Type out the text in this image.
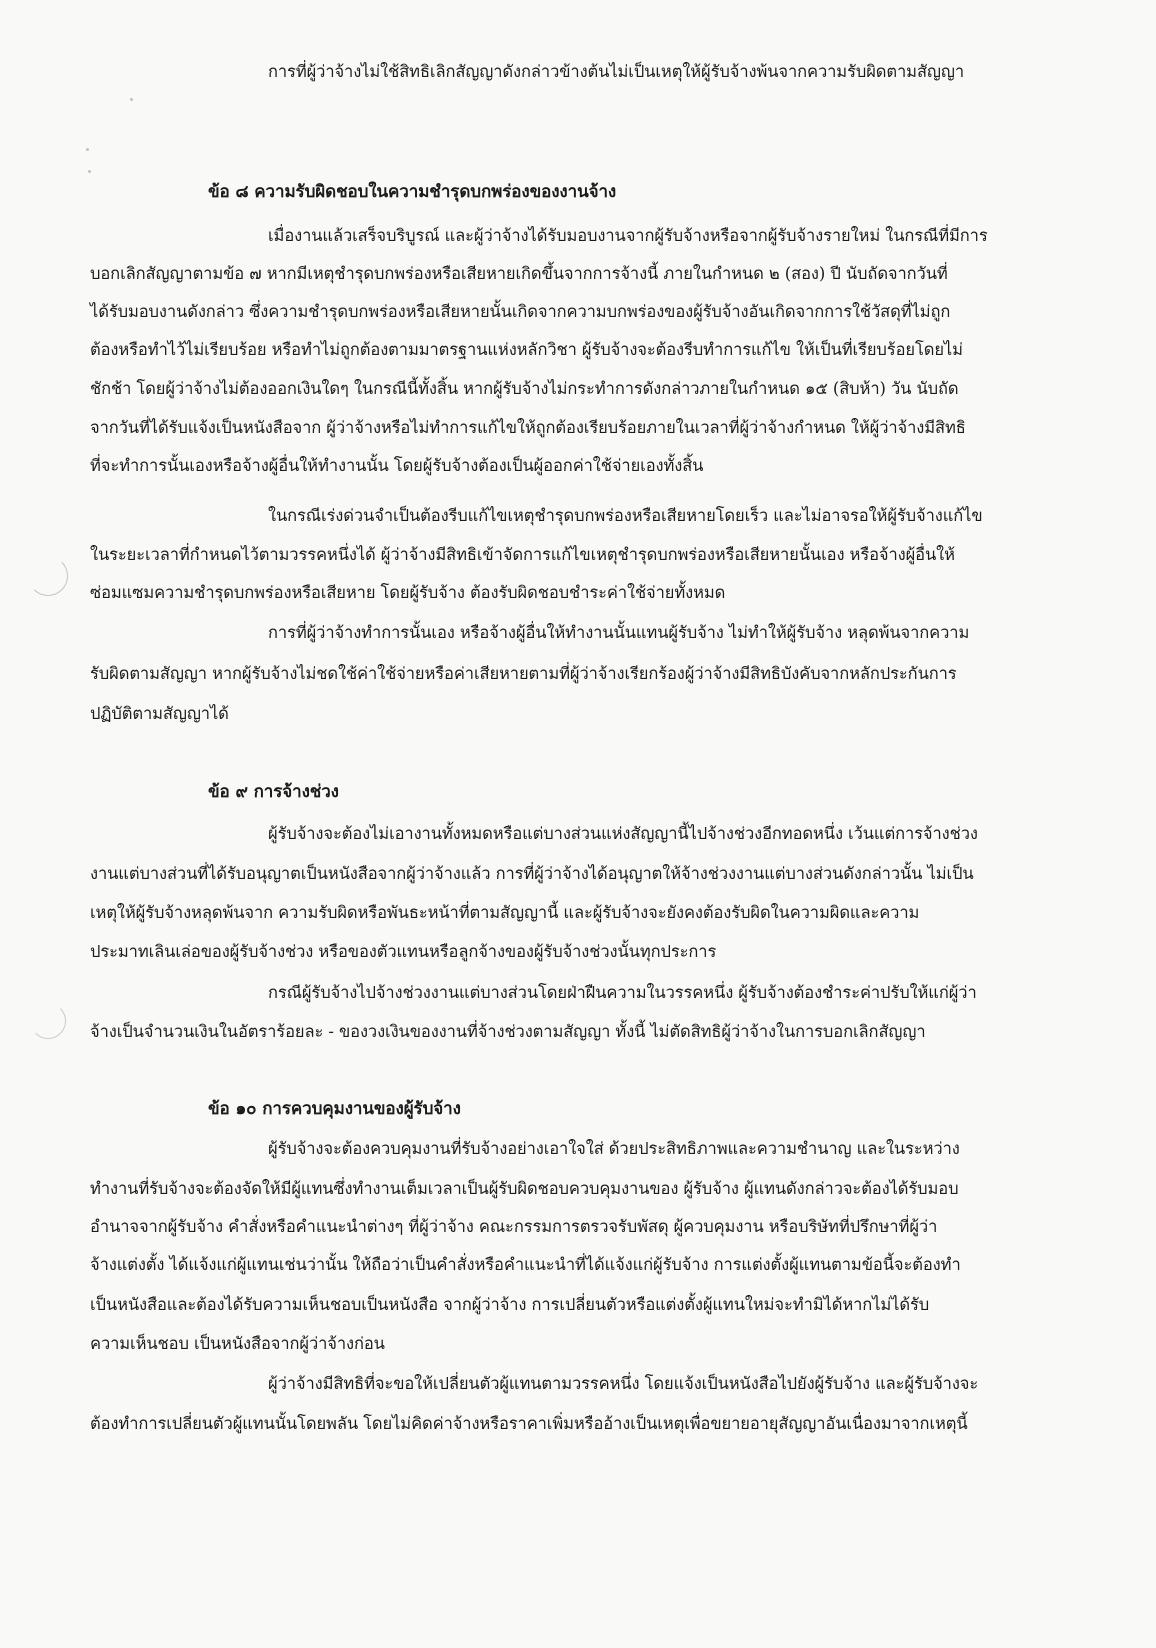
การที่ผู้ว่าจ้างไม่ใช้สิทธิเลิกสัญญาดังกล่าวข้างต้นไม่เป็นเหตุให้ผู้รับจ้างพ้นจากความรับผิดตามสัญญา
ข้อ ๘ ความรับผิดชอบในความชำรุดบกพร่องของงานจ้าง
เมื่องานแล้วเสร็จบริบูรณ์ และผู้ว่าจ้างได้รับมอบงานจากผู้รับจ้างหรือจากผู้รับจ้างรายใหม่ ในกรณีที่มีการ
บอกเลิกสัญญาตามข้อ ๗ หากมีเหตุชำรุดบกพร่องหรือเสียหายเกิดขึ้นจากการจ้างนี้ ภายในกำหนด ๒ (สอง) ปี นับถัดจากวันที่
ได้รับมอบงานดังกล่าว ซึ่งความชำรุดบกพร่องหรือเสียหายนั้นเกิดจากความบกพร่องของผู้รับจ้างอันเกิดจากการใช้วัสดุที่ไม่ถูก
ต้องหรือทำไว้ไม่เรียบร้อย หรือทำไม่ถูกต้องตามมาตรฐานแห่งหลักวิชา ผู้รับจ้างจะต้องรีบทำการแก้ไข ให้เป็นที่เรียบร้อยโดยไม่
ชักช้า โดยผู้ว่าจ้างไม่ต้องออกเงินใดๆ ในกรณีนี้ทั้งสิ้น หากผู้รับจ้างไม่กระทำการดังกล่าวภายในกำหนด ๑๕ (สิบห้า) วัน นับถัด
จากวันที่ได้รับแจ้งเป็นหนังสือจาก ผู้ว่าจ้างหรือไม่ทำการแก้ไขให้ถูกต้องเรียบร้อยภายในเวลาที่ผู้ว่าจ้างกำหนด ให้ผู้ว่าจ้างมีสิทธิ
ที่จะทำการนั้นเองหรือจ้างผู้อื่นให้ทำงานนั้น โดยผู้รับจ้างต้องเป็นผู้ออกค่าใช้จ่ายเองทั้งสิ้น
ในกรณีเร่งด่วนจำเป็นต้องรีบแก้ไขเหตุชำรุดบกพร่องหรือเสียหายโดยเร็ว และไม่อาจรอให้ผู้รับจ้างแก้ไข
ในระยะเวลาที่กำหนดไว้ตามวรรคหนึ่งได้ ผู้ว่าจ้างมีสิทธิเข้าจัดการแก้ไขเหตุชำรุดบกพร่องหรือเสียหายนั้นเอง หรือจ้างผู้อื่นให้
ซ่อมแซมความชำรุดบกพร่องหรือเสียหาย โดยผู้รับจ้าง ต้องรับผิดชอบชำระค่าใช้จ่ายทั้งหมด
การที่ผู้ว่าจ้างทำการนั้นเอง หรือจ้างผู้อื่นให้ทำงานนั้นแทนผู้รับจ้าง ไม่ทำให้ผู้รับจ้าง หลุดพ้นจากความ
รับผิดตามสัญญา หากผู้รับจ้างไม่ชดใช้ค่าใช้จ่ายหรือค่าเสียหายตามที่ผู้ว่าจ้างเรียกร้องผู้ว่าจ้างมีสิทธิบังคับจากหลักประกันการ
ปฏิบัติตามสัญญาได้
ข้อ ๙ การจ้างช่วง
ผู้รับจ้างจะต้องไม่เอางานทั้งหมดหรือแต่บางส่วนแห่งสัญญานี้ไปจ้างช่วงอีกทอดหนึ่ง เว้นแต่การจ้างช่วง
งานแต่บางส่วนที่ได้รับอนุญาตเป็นหนังสือจากผู้ว่าจ้างแล้ว การที่ผู้ว่าจ้างได้อนุญาตให้จ้างช่วงงานแต่บางส่วนดังกล่าวนั้น ไม่เป็น
เหตุให้ผู้รับจ้างหลุดพ้นจาก ความรับผิดหรือพันธะหน้าที่ตามสัญญานี้ และผู้รับจ้างจะยังคงต้องรับผิดในความผิดและความ
ประมาทเลินเล่อของผู้รับจ้างช่วง หรือของตัวแทนหรือลูกจ้างของผู้รับจ้างช่วงนั้นทุกประการ
กรณีผู้รับจ้างไปจ้างช่วงงานแต่บางส่วนโดยฝ่าฝืนความในวรรคหนึ่ง ผู้รับจ้างต้องชำระค่าปรับให้แก่ผู้ว่า
จ้างเป็นจำนวนเงินในอัตราร้อยละ - ของวงเงินของงานที่จ้างช่วงตามสัญญา ทั้งนี้ ไม่ตัดสิทธิผู้ว่าจ้างในการบอกเลิกสัญญา
ข้อ ๑๐ การควบคุมงานของผู้รับจ้าง
ผู้รับจ้างจะต้องควบคุมงานที่รับจ้างอย่างเอาใจใส่ ด้วยประสิทธิภาพและความชำนาญ และในระหว่าง
ทำงานที่รับจ้างจะต้องจัดให้มีผู้แทนซึ่งทำงานเต็มเวลาเป็นผู้รับผิดชอบควบคุมงานของ ผู้รับจ้าง ผู้แทนดังกล่าวจะต้องได้รับมอบ
อำนาจจากผู้รับจ้าง คำสั่งหรือคำแนะนำต่างๆ ที่ผู้ว่าจ้าง คณะกรรมการตรวจรับพัสดุ ผู้ควบคุมงาน หรือบริษัทที่ปรึกษาที่ผู้ว่า
จ้างแต่งตั้ง ได้แจ้งแก่ผู้แทนเช่นว่านั้น ให้ถือว่าเป็นคำสั่งหรือคำแนะนำที่ได้แจ้งแก่ผู้รับจ้าง การแต่งตั้งผู้แทนตามข้อนี้จะต้องทำ
เป็นหนังสือและต้องได้รับความเห็นชอบเป็นหนังสือ จากผู้ว่าจ้าง การเปลี่ยนตัวหรือแต่งตั้งผู้แทนใหม่จะทำมิได้หากไม่ได้รับ
ความเห็นชอบ เป็นหนังสือจากผู้ว่าจ้างก่อน
ผู้ว่าจ้างมีสิทธิที่จะขอให้เปลี่ยนตัวผู้แทนตามวรรคหนึ่ง โดยแจ้งเป็นหนังสือไปยังผู้รับจ้าง และผู้รับจ้างจะ
ต้องทำการเปลี่ยนตัวผู้แทนนั้นโดยพลัน โดยไม่คิดค่าจ้างหรือราคาเพิ่มหรืออ้างเป็นเหตุเพื่อขยายอายุสัญญาอันเนื่องมาจากเหตุนี้
